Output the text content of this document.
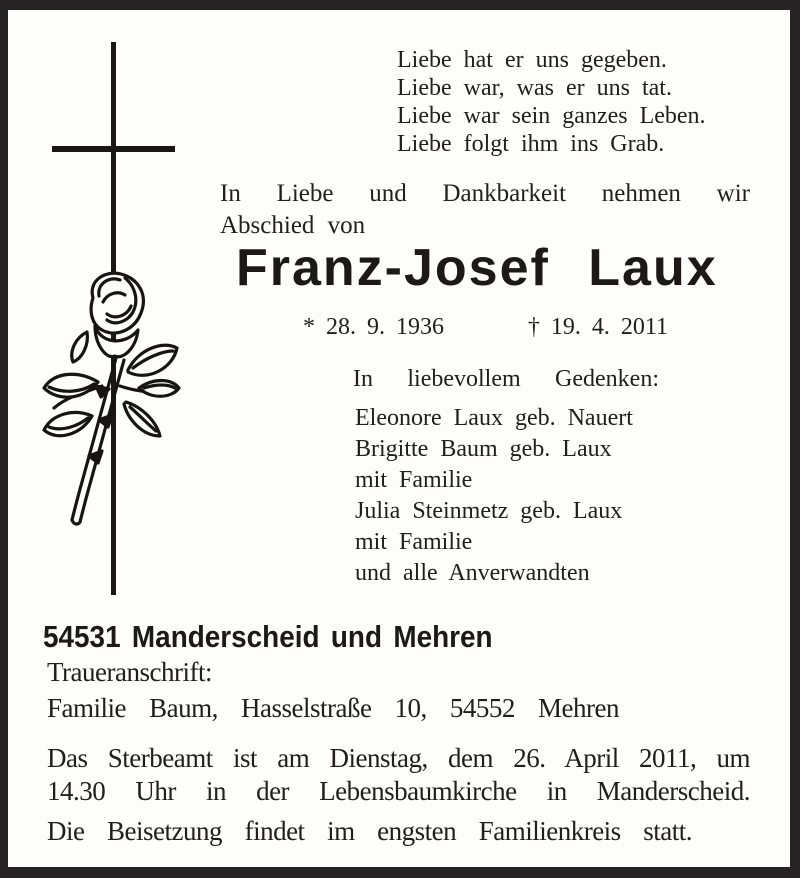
Liebe hat er uns gegeben.
Liebe war, was er uns tat.
Liebe war sein ganzes Leben.
Liebe folgt ihm ins Grab.
In Liebe und Dankbarkeit nehmen wir
Abschied von
Franz-Josef Laux
* 28. 9. 1936	† 19. 4. 2011
In liebevollem Gedenken:
Eleonore Laux geb. Nauert
Brigitte Baum geb. Laux
mit Familie
Julia Steinmetz geb. Laux
mit Familie
und alle Anverwandten
54531 Manderscheid und Mehren
Traueranschrift:
Familie Baum, Hasselstraße 10, 54552 Mehren
Das Sterbeamt ist am Dienstag, dem 26. April 2011, um
14.30 Uhr in der Lebensbaumkirche in Manderscheid.
Die Beisetzung findet im engsten Familienkreis statt.
